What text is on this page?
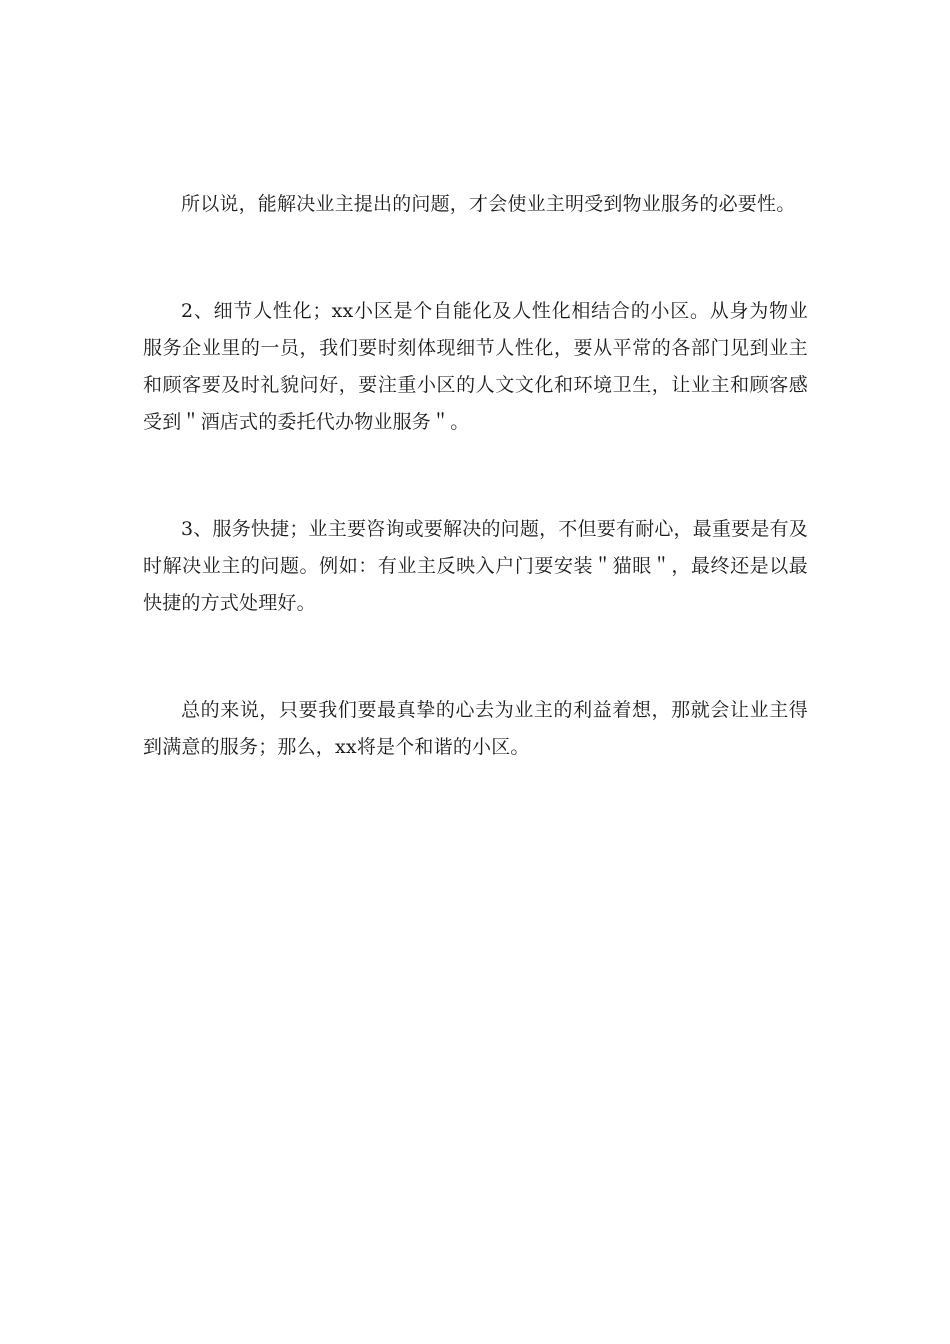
所以说，能解决业主提出的问题，才会使业主明受到物业服务的必要性。

2、细节人性化；xx小区是个自能化及人性化相结合的小区。从身为物业服务企业里的一员，我们要时刻体现细节人性化，要从平常的各部门见到业主和顾客要及时礼貌问好，要注重小区的人文文化和环境卫生，让业主和顾客感受到＂酒店式的委托代办物业服务＂。

3、服务快捷；业主要咨询或要解决的问题，不但要有耐心，最重要是有及时解决业主的问题。例如：有业主反映入户门要安装＂猫眼＂，最终还是以最快捷的方式处理好。

总的来说，只要我们要最真挚的心去为业主的利益着想，那就会让业主得到满意的服务；那么，xx将是个和谐的小区。
